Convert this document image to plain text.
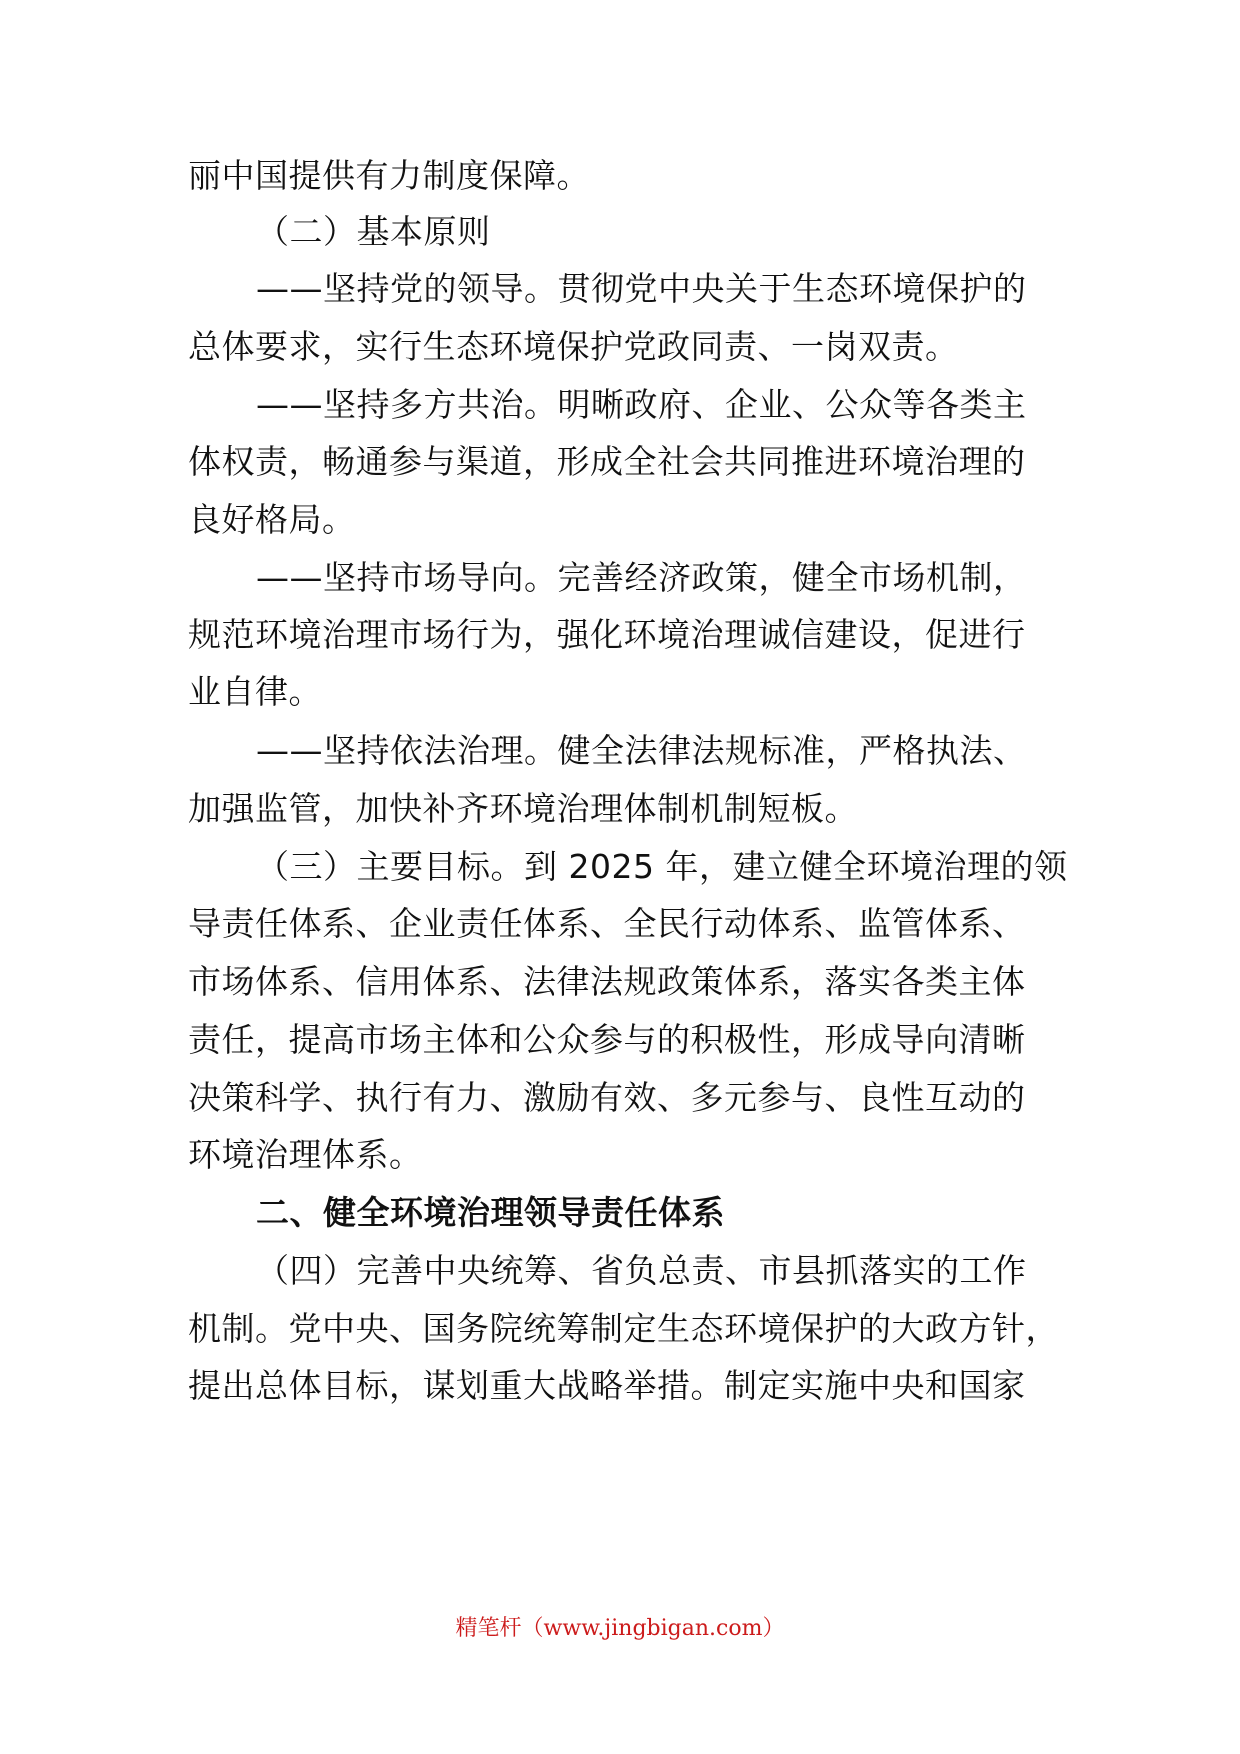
丽中国提供有力制度保障。
（二）基本原则
——坚持党的领导。贯彻党中央关于生态环境保护的
总体要求，实行生态环境保护党政同责、一岗双责。
——坚持多方共治。明晰政府、企业、公众等各类主
体权责，畅通参与渠道，形成全社会共同推进环境治理的
良好格局。
——坚持市场导向。完善经济政策，健全市场机制，
规范环境治理市场行为，强化环境治理诚信建设，促进行
业自律。
——坚持依法治理。健全法律法规标准，严格执法、
加强监管，加快补齐环境治理体制机制短板。
（三）主要目标。到 2025 年，建立健全环境治理的领
导责任体系、企业责任体系、全民行动体系、监管体系、
市场体系、信用体系、法律法规政策体系，落实各类主体
责任，提高市场主体和公众参与的积极性，形成导向清晰
决策科学、执行有力、激励有效、多元参与、良性互动的
环境治理体系。
二、健全环境治理领导责任体系
（四）完善中央统筹、省负总责、市县抓落实的工作
机制。党中央、国务院统筹制定生态环境保护的大政方针，
提出总体目标，谋划重大战略举措。制定实施中央和国家
精笔杆（www.jingbigan.com）
